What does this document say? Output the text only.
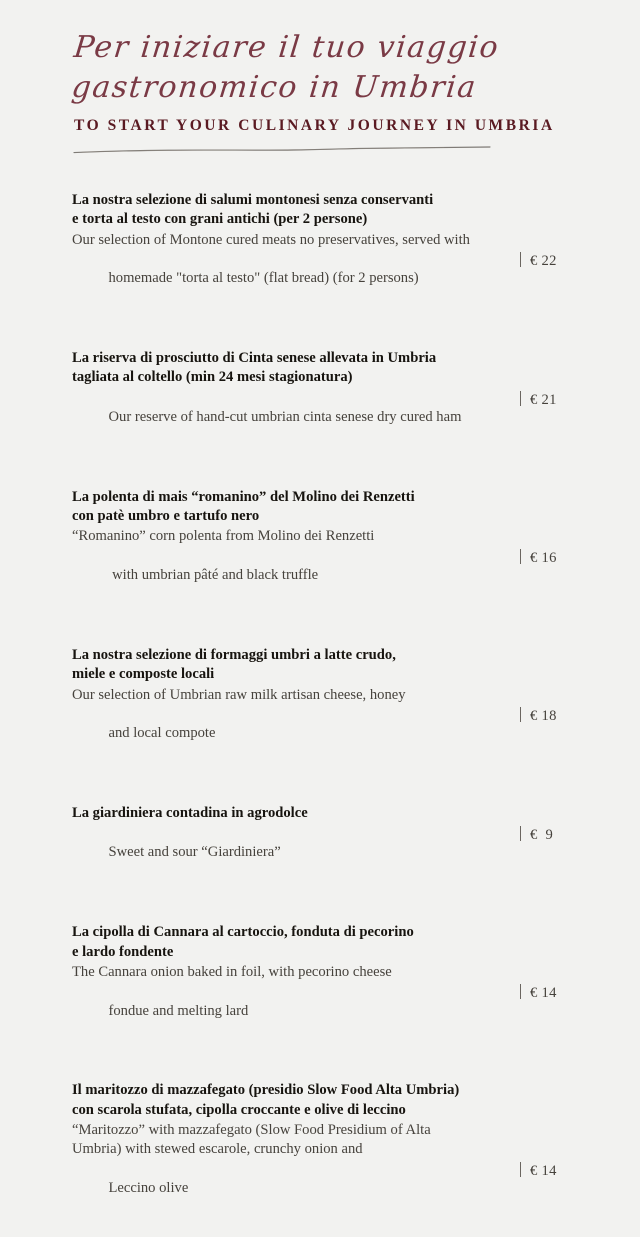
Per iniziare il tuo viaggio
gastronomico in Umbria
TO START YOUR CULINARY JOURNEY IN UMBRIA
La nostra selezione di salumi montonesi senza conservanti
e torta al testo con grani antichi (per 2 persone)
Our selection of Montone cured meats no preservatives, served with

homemade "torta al testo" (flat bread) (for 2 persons)

€ 22

La riserva di prosciutto di Cinta senese allevata in Umbria
tagliata al coltello (min 24 mesi stagionatura)

Our reserve of hand-cut umbrian cinta senese dry cured ham

€ 21

La polenta di mais “romanino” del Molino dei Renzetti
con patè umbro e tartufo nero
“Romanino” corn polenta from Molino dei Renzetti

with umbrian pâté and black truffle

€ 16

La nostra selezione di formaggi umbri a latte crudo,
miele e composte locali
Our selection of Umbrian raw milk artisan cheese, honey

and local compote

€ 18

La giardiniera contadina in agrodolce

Sweet and sour “Giardiniera”

€  9

La cipolla di Cannara al cartoccio, fonduta di pecorino
e lardo fondente
The Cannara onion baked in foil, with pecorino cheese

fondue and melting lard

€ 14

Il maritozzo di mazzafegato (presidio Slow Food Alta Umbria)
con scarola stufata, cipolla croccante e olive di leccino
“Maritozzo” with mazzafegato (Slow Food Presidium of Alta
Umbria) with stewed escarole, crunchy onion and

Leccino olive

€ 14
